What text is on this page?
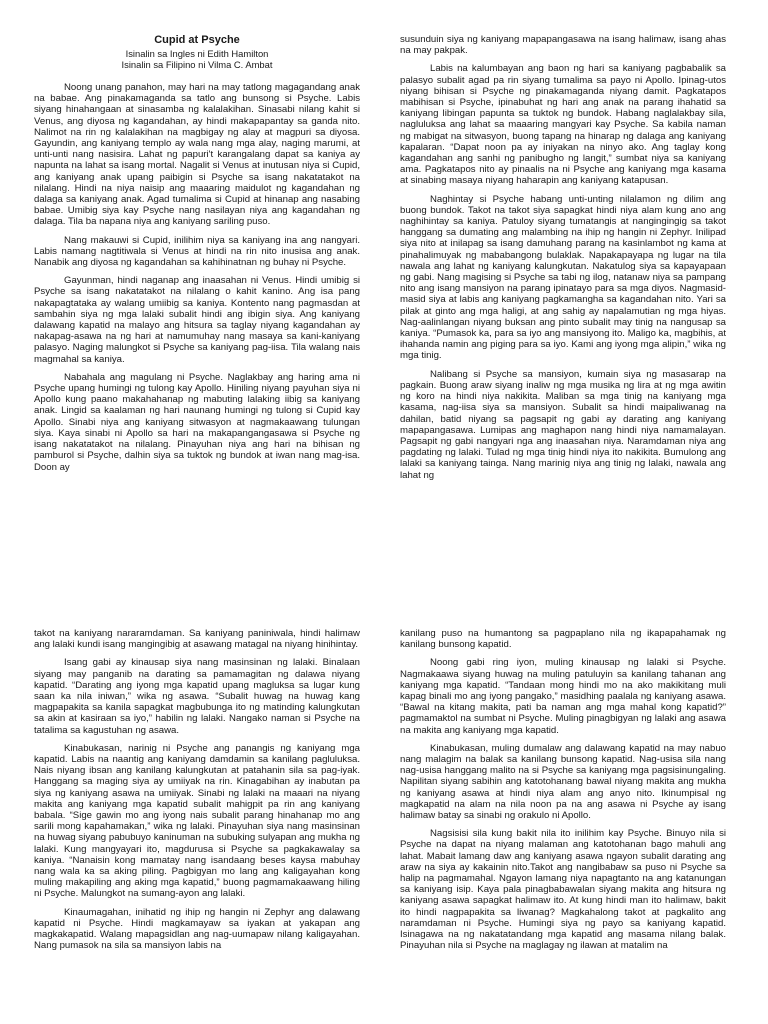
Cupid at Psyche
Isinalin sa Ingles ni Edith Hamilton
Isinalin sa Filipino ni Vilma C. Ambat

Noong unang panahon, may hari na may tatlong magagandang anak na babae. Ang pinakamaganda sa tatlo ang bunsong si Psyche. Labis siyang hinahangaan at sinasamba ng kalalakihan. Sinasabi nilang kahit si Venus, ang diyosa ng kagandahan, ay hindi makapapantay sa ganda nito. Nalimot na rin ng kalalakihan na magbigay ng alay at magpuri sa diyosa. Gayundin, ang kaniyang templo ay wala nang mga alay, naging marumi, at unti-unti nang nasisira. Lahat ng papuri't karangalang dapat sa kaniya ay napunta na lahat sa isang mortal. Nagalit si Venus at inutusan niya si Cupid, ang kaniyang anak upang paibigin si Psyche sa isang nakatatakot na nilalang. Hindi na niya naisip ang maaaring maidulot ng kagandahan ng dalaga sa kaniyang anak. Agad tumalima si Cupid at hinanap ang nasabing babae. Umibig siya kay Psyche nang nasilayan niya ang kagandahan ng dalaga. Tila ba napana niya ang kaniyang sariling puso.

Nang makauwi si Cupid, inilihim niya sa kaniyang ina ang nangyari. Labis namang nagtitiwala si Venus at hindi na rin nito inusisa ang anak. Nanabik ang diyosa ng kagandahan sa kahihinatnan ng buhay ni Psyche.

Gayunman, hindi naganap ang inaasahan ni Venus. Hindi umibig si Psyche sa isang nakatatakot na nilalang o kahit kanino. Ang isa pang nakapagtataka ay walang umiibig sa kaniya. Kontento nang pagmasdan at sambahin siya ng mga lalaki subalit hindi ang ibigin siya. Ang kaniyang dalawang kapatid na malayo ang hitsura sa taglay niyang kagandahan ay nakapag-asawa na ng hari at namumuhay nang masaya sa kani-kaniyang palasyo. Naging malungkot si Psyche sa kaniyang pag-iisa. Tila walang nais magmahal sa kaniya.

Nabahala ang magulang ni Psyche. Naglakbay ang haring ama ni Psyche upang humingi ng tulong kay Apollo. Hiniling niyang payuhan siya ni Apollo kung paano makahahanap ng mabuting lalaking iibig sa kaniyang anak. Lingid sa kaalaman ng hari naunang humingi ng tulong si Cupid kay Apollo. Sinabi niya ang kaniyang sitwasyon at nagmakaawang tulungan siya. Kaya sinabi ni Apollo sa hari na makapangangasawa si Psyche ng isang nakatatakot na nilalang. Pinayuhan niya ang hari na bihisan ng pamburol si Psyche, dalhin siya sa tuktok ng bundok at iwan nang mag-isa. Doon ay

susunduin siya ng kaniyang mapapangasawa na isang halimaw, isang ahas na may pakpak.

Labis na kalumbayan ang baon ng hari sa kaniyang pagbabalik sa palasyo subalit agad pa rin siyang tumalima sa payo ni Apollo. Ipinag-utos niyang bihisan si Psyche ng pinakamaganda niyang damit. Pagkatapos mabihisan si Psyche, ipinabuhat ng hari ang anak na parang ihahatid sa kaniyang libingan papunta sa tuktok ng bundok. Habang naglalakbay sila, nagluluksa ang lahat sa maaaring mangyari kay Psyche. Sa kabila naman ng mabigat na sitwasyon, buong tapang na hinarap ng dalaga ang kaniyang kapalaran. “Dapat noon pa ay iniyakan na ninyo ako. Ang taglay kong kagandahan ang sanhi ng panibugho ng langit,” sumbat niya sa kaniyang ama. Pagkatapos nito ay pinaalis na ni Psyche ang kaniyang mga kasama at sinabing masaya niyang haharapin ang kaniyang katapusan.

Naghintay si Psyche habang unti-unting nilalamon ng dilim ang buong bundok. Takot na takot siya sapagkat hindi niya alam kung ano ang naghihintay sa kaniya. Patuloy siyang tumatangis at nangingingig sa takot hanggang sa dumating ang malambing na ihip ng hangin ni Zephyr. Inilipad siya nito at inilapag sa isang damuhang parang na kasinlambot ng kama at pinahalimuyak ng mababangong bulaklak. Napakapayapa ng lugar na tila nawala ang lahat ng kaniyang kalungkutan. Nakatulog siya sa kapayapaan ng gabi. Nang magising si Psyche sa tabi ng ilog, natanaw niya sa pampang nito ang isang mansiyon na parang ipinatayo para sa mga diyos. Nagmasid-masid siya at labis ang kaniyang pagkamangha sa kagandahan nito. Yari sa pilak at ginto ang mga haligi, at ang sahig ay napalamutian ng mga hiyas. Nag-aalinlangan niyang buksan ang pinto subalit may tinig na nangusap sa kaniya. “Pumasok ka, para sa iyo ang mansiyong ito. Maligo ka, magbihis, at ihahanda namin ang piging para sa iyo. Kami ang iyong mga alipin,” wika ng mga tinig.

Nalibang si Psyche sa mansiyon, kumain siya ng masasarap na pagkain. Buong araw siyang inaliw ng mga musika ng lira at ng mga awitin ng koro na hindi niya nakikita. Maliban sa mga tinig na kaniyang mga kasama, nag-iisa siya sa mansiyon. Subalit sa hindi maipaliwanag na dahilan, batid niyang sa pagsapit ng gabi ay darating ang kaniyang mapapangasawa. Lumipas ang maghapon nang hindi niya namamalayan. Pagsapit ng gabi nangyari nga ang inaasahan niya. Naramdaman niya ang pagdating ng lalaki. Tulad ng mga tinig hindi niya ito nakikita. Bumulong ang lalaki sa kaniyang tainga. Nang marinig niya ang tinig ng lalaki, nawala ang lahat ng

takot na kaniyang nararamdaman. Sa kaniyang paniniwala, hindi halimaw ang lalaki kundi isang mangingibig at asawang matagal na niyang hinihintay.

Isang gabi ay kinausap siya nang masinsinan ng lalaki. Binalaan siyang may panganib na darating sa pamamagitan ng dalawa niyang kapatid. “Darating ang iyong mga kapatid upang magluksa sa lugar kung saan ka nila iniwan,” wika ng asawa. “Subalit huwag na huwag kang magpapakita sa kanila sapagkat magbubunga ito ng matinding kalungkutan sa akin at kasiraan sa iyo,” habilin ng lalaki. Nangako naman si Psyche na tatalima sa kagustuhan ng asawa.

Kinabukasan, narinig ni Psyche ang panangis ng kaniyang mga kapatid. Labis na naantig ang kaniyang damdamin sa kanilang pagluluksa. Nais niyang ibsan ang kanilang kalungkutan at patahanin sila sa pag-iyak. Hanggang sa maging siya ay umiiyak na rin. Kinagabihan ay inabutan pa siya ng kaniyang asawa na umiiyak. Sinabi ng lalaki na maaari na niyang makita ang kaniyang mga kapatid subalit mahigpit pa rin ang kaniyang babala. “Sige gawin mo ang iyong nais subalit parang hinahanap mo ang sarili mong kapahamakan,” wika ng lalaki. Pinayuhan siya nang masinsinan na huwag siyang pabubuyo kaninuman na subuking sulyapan ang mukha ng lalaki. Kung mangyayari ito, magdurusa si Psyche sa pagkakawalay sa kaniya. “Nanaisin kong mamatay nang isandaang beses kaysa mabuhay nang wala ka sa aking piling. Pagbigyan mo lang ang kaligayahan kong muling makapiling ang aking mga kapatid,” buong pagmamakaawang hiling ni Psyche. Malungkot na sumang-ayon ang lalaki.

Kinaumagahan, inihatid ng ihip ng hangin ni Zephyr ang dalawang kapatid ni Psyche. Hindi magkamayaw sa iyakan at yakapan ang magkakapatid. Walang mapagsidlan ang nag-uumapaw nilang kaligayahan. Nang pumasok na sila sa mansiyon labis na

kanilang puso na humantong sa pagpaplano nila ng ikapapahamak ng kanilang bunsong kapatid.

Noong gabi ring iyon, muling kinausap ng lalaki si Psyche. Nagmakaawa siyang huwag na muling patuluyin sa kanilang tahanan ang kaniyang mga kapatid. “Tandaan mong hindi mo na ako makikitang muli kapag binali mo ang iyong pangako,” masidhing paalala ng kaniyang asawa. “Bawal na kitang makita, pati ba naman ang mga mahal kong kapatid?” pagmamaktol na sumbat ni Psyche. Muling pinagbigyan ng lalaki ang asawa na makita ang kaniyang mga kapatid.

Kinabukasan, muling dumalaw ang dalawang kapatid na may nabuo nang malagim na balak sa kanilang bunsong kapatid. Nag-usisa sila nang nag-usisa hanggang malito na si Psyche sa kaniyang mga pagsisinungaling. Napilitan siyang sabihin ang katotohanang bawal niyang makita ang mukha ng kaniyang asawa at hindi niya alam ang anyo nito. Ikinumpisal ng magkapatid na alam na nila noon pa na ang asawa ni Psyche ay isang halimaw batay sa sinabi ng orakulo ni Apollo.

Nagsisisi sila kung bakit nila ito inilihim kay Psyche. Binuyo nila si Psyche na dapat na niyang malaman ang katotohanan bago mahuli ang lahat. Mabait lamang daw ang kaniyang asawa ngayon subalit darating ang araw na siya ay kakainin nito.Takot ang nangibabaw sa puso ni Psyche sa halip na pagmamahal. Ngayon lamang niya napagtanto na ang katanungan sa kaniyang isip. Kaya pala pinagbabawalan siyang makita ang hitsura ng kaniyang asawa sapagkat halimaw ito. At kung hindi man ito halimaw, bakit ito hindi nagpapakita sa liwanag? Magkahalong takot at pagkalito ang naramdaman ni Psyche. Humingi siya ng payo sa kaniyang kapatid. Isinagawa na ng nakatatandang mga kapatid ang masama nilang balak. Pinayuhan nila si Psyche na maglagay ng ilawan at matalim na
